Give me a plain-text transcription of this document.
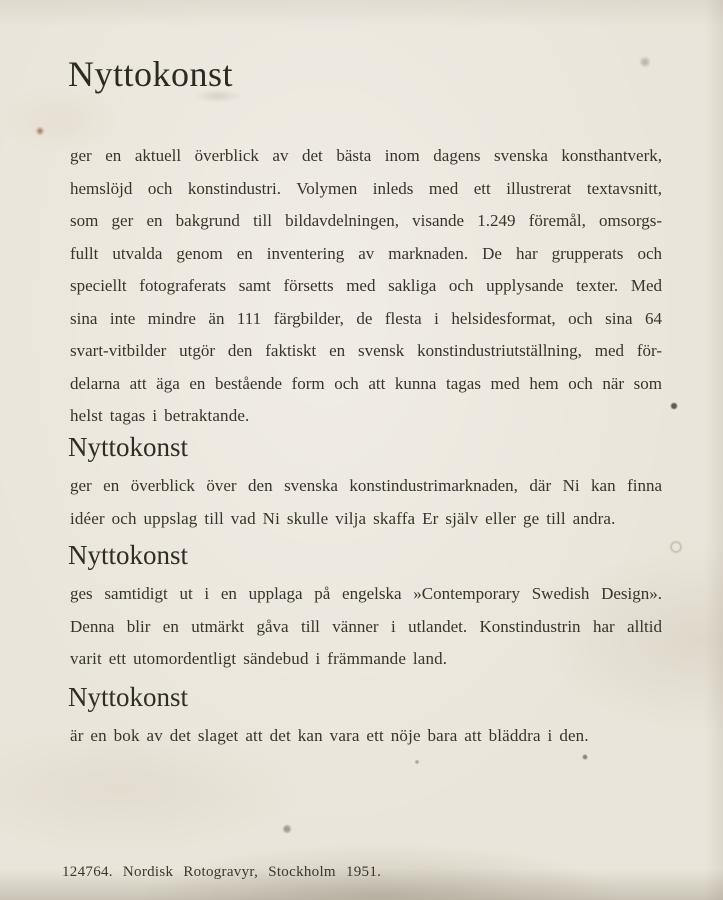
Nyttokonst
ger en aktuell överblick av det bästa inom dagens svenska konsthantverk,
hemslöjd och konstindustri. Volymen inleds med ett illustrerat textavsnitt,
som ger en bakgrund till bildavdelningen, visande 1.249 föremål, omsorgs-
fullt utvalda genom en inventering av marknaden. De har grupperats och
speciellt fotograferats samt försetts med sakliga och upplysande texter. Med
sina inte mindre än 111 färgbilder, de flesta i helsidesformat, och sina 64
svart-vitbilder utgör den faktiskt en svensk konstindustriutställning, med för-
delarna att äga en bestående form och att kunna tagas med hem och när som
helst tagas i betraktande.
Nyttokonst
ger en överblick över den svenska konstindustrimarknaden, där Ni kan finna
idéer och uppslag till vad Ni skulle vilja skaffa Er själv eller ge till andra.
Nyttokonst
ges samtidigt ut i en upplaga på engelska »Contemporary Swedish Design».
Denna blir en utmärkt gåva till vänner i utlandet. Konstindustrin har alltid
varit ett utomordentligt sändebud i främmande land.
Nyttokonst
är en bok av det slaget att det kan vara ett nöje bara att bläddra i den.
124764. Nordisk Rotogravyr, Stockholm 1951.
